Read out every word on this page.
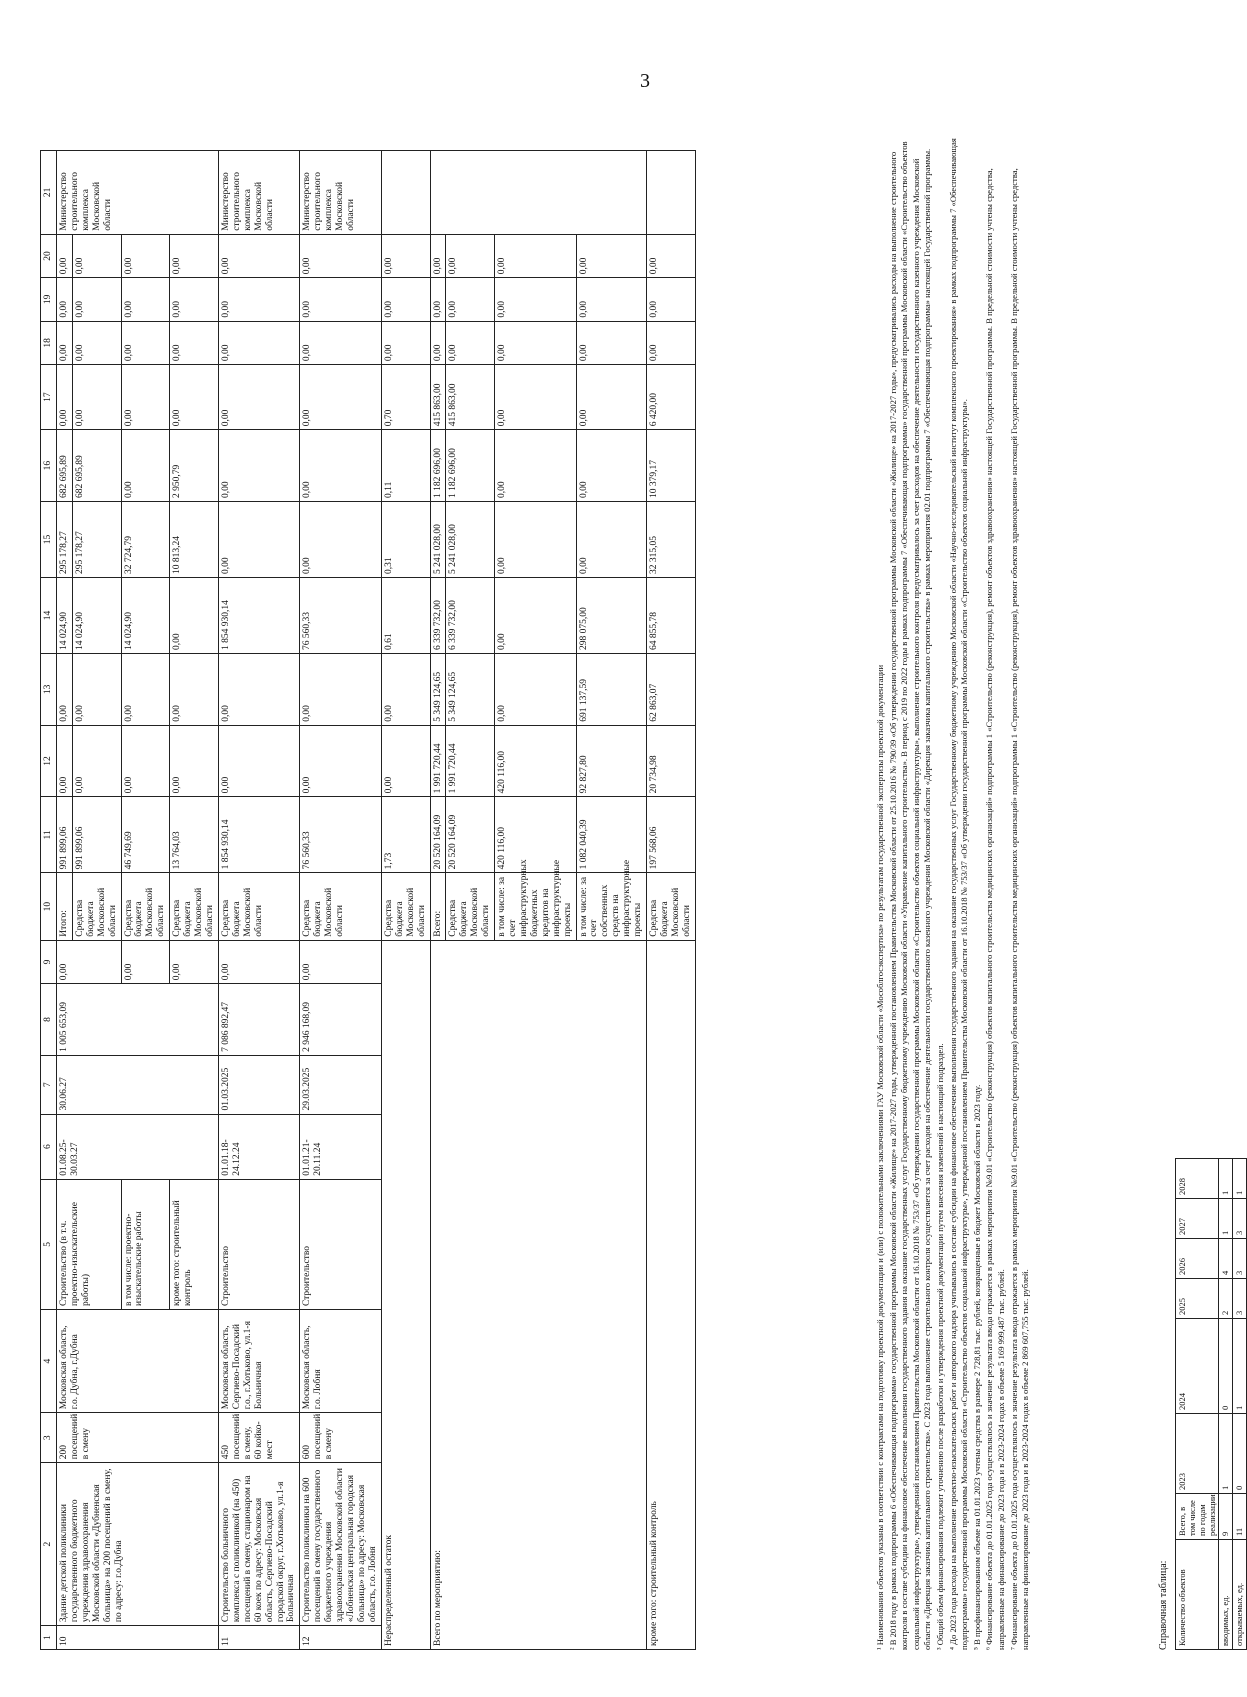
3
1	2	3	4	5	6	7	8	9	10	11	12	13	14	15	16	17	18	19	20	21
10	Здание детской поликлиники государственного бюджетного учреждения здравоохранения Московской области «Дубненская больница» на 200 посещений в смену, по адресу: г.о.Дубна	200 посещений в смену	Московская область, г.о. Дубна, г.Дубна	Строительство (в т.ч. проектно-изыскательские работы)	01.08.25-30.03.27	30.06.27	1 005 653,09	0,00	Итого:	991 899,06	0,00	0,00	14 024,90	295 178,27	682 695,89	0,00	0,00	0,00	0,00	Министерство строительного комплекса Московской области
									Средства бюджета Московской области	991 899,06	0,00	0,00	14 024,90	295 178,27	682 695,89	0,00	0,00	0,00	0,00	
				в том числе: проектно-изыскательские работы				0,00	Средства бюджета Московской области	46 749,69	0,00	0,00	14 024,90	32 724,79	0,00	0,00	0,00	0,00	0,00	
				кроме того: строительный контроль				0,00	Средства бюджета Московской области	13 764,03	0,00	0,00	0,00	10 813,24	2 950,79	0,00	0,00	0,00	0,00	
11	Строительство больничного комплекса с поликлиникой (на 450) посещений в смену, стационаром на 60 коек по адресу: Московская область, Сергиево-Посадский городской округ, г.Хотьково, ул.1-я Больничная	450 посещений в смену, 60 койко-мест	Московская область, Сергиево-Посадский г.о., г.Хотьково, ул.1-я Больничная	Строительство	01.01.18-24.12.24	01.03.2025	7 086 892,47	0,00	Средства бюджета Московской области	1 854 930,14	0,00	0,00	1 854 930,14	0,00	0,00	0,00	0,00	0,00	0,00	Министерство строительного комплекса Московской области
12	Строительство поликлиники на 600 посещений в смену государственного бюджетного учреждения здравоохранения Московской области «Лобненская центральная городская больница» по адресу: Московская область, г.о. Лобня	600 посещений в смену	Московская область, г.о. Лобня	Строительство	01.01.21-20.11.24	29.03.2025	2 946 168,09	0,00	Средства бюджета Московской области	76 560,33	0,00	0,00	76 560,33	0,00	0,00	0,00	0,00	0,00	0,00	Министерство строительного комплекса Московской области
Нераспределенный остаток									Средства бюджета Московской области	1,73	0,00	0,00	0,61	0,31	0,11	0,70	0,00	0,00	0,00	
Всего по мероприятию:									Всего:	20 520 164,09	1 991 720,44	5 349 124,65	6 339 732,00	5 241 028,00	1 182 696,00	415 863,00	0,00	0,00	0,00	
									Средства бюджета Московской области	20 520 164,09	1 991 720,44	5 349 124,65	6 339 732,00	5 241 028,00	1 182 696,00	415 863,00	0,00	0,00	0,00	
									в том числе: за счет инфраструктурных бюджетных кредитов на инфраструктурные проекты	420 116,00	420 116,00	0,00	0,00	0,00	0,00	0,00	0,00	0,00	0,00	
									в том числе: за счет собственных средств на инфраструктурные проекты	1 082 040,39	92 827,80	691 137,59	298 075,00	0,00	0,00	0,00	0,00	0,00	0,00	
кроме того: строительный контроль									Средства бюджета Московской области	197 568,06	20 734,98	62 863,07	64 855,78	32 315,05	10 379,17	6 420,00	0,00	0,00	0,00	

¹ Наименования объектов указаны в соответствии с контрактами на подготовку проектной документации и (или) с положительными заключениями ГАУ Московской области «Мособлгосэкспертиза» по результатам государственной экспертизы проектной документации ² В 2018 году в рамках подпрограммы 6 «Обеспечивающая подпрограмма» государственной программы Московской области «Жилище» на 2017-2027 годы, утвержденной постановлением Правительства Московской области от 25.10.2016 № 790/39 «Об утверждении государственной программы Московской области «Жилище» на 2017-2027 годы», предусматривались расходы на выполнение строительного контроля в составе субсидии на финансовое обеспечение выполнения государственного задания на оказание государственных услуг Государственному бюджетному учреждению Московской области «Управление капитального строительства». В период с 2019 по 2022 годы в рамках подпрограммы 7 «Обеспечивающая подпрограмма» государственной программы Московской области «Строительство объектов социальной инфраструктуры», утвержденной постановлением Правительства Московской области от 16.10.2018 № 753/37 «Об утверждении государственной программы Московской области «Строительство объектов социальной инфраструктуры», выполнение строительного контроля предусматривалось за счет расходов на обеспечение деятельности государственного казенного учреждения Московской области «Дирекция заказчика капитального строительства». С 2023 года выполнение строительного контроля осуществляется за счет расходов на обеспечение деятельности государственного казенного учреждения Московской области «Дирекция заказчика капитального строительства» в рамках мероприятия 02.01 подпрограммы 7 «Обеспечивающая подпрограмма» настоящей Государственной программы. ³ Общий объем финансирования подлежит уточнению после разработки и утверждения проектной документации путем внесения изменений в настоящий подраздел. ⁴ До 2023 года расходы на выполнение проектно-изыскательских работ и авторского надзора учитывались в составе субсидии на финансовое обеспечение выполнения государственного задания на оказание государственных услуг Государственному бюджетному учреждению Московской области «Научно-исследовательский институт комплексного проектирования» в рамках подпрограммы 7 «Обеспечивающая подпрограмма» государственной программы Московской области «Строительство объектов социальной инфраструктуры», утвержденной постановлением Правительства Московской области от 16.10.2018 № 753/37 «Об утверждении государственной программы Московской области «Строительство объектов социальной инфраструктуры». ⁵ В профинансированном объеме на 01.01.2023 учтены средства в размере 2 728,81 тыс. рублей, возвращенные в бюджет Московской области в 2023 году. ⁶ Финансирование объекта до 01.01.2025 года осуществлялось и значение результата ввода отражается в рамках мероприятия №9.01 «Строительство (реконструкция) объектов капитального строительства медицинских организаций» подпрограммы 1 «Строительство (реконструкция), ремонт объектов здравоохранения» настоящей Государственной программы. В предельной стоимости учтены средства, направленные на финансирование до 2023 года и в 2023-2024 годах в объеме 5 169 999,487 тыс. рублей. ⁷ Финансирование объекта до 01.01.2025 года осуществлялось и значение результата ввода отражается в рамках мероприятия №9.01 «Строительство (реконструкция) объектов капитального строительства медицинских организаций» подпрограммы 1 «Строительство (реконструкция), ремонт объектов здравоохранения» настоящей Государственной программы. В предельной стоимости учтены средства, направленные на финансирование до 2023 года и в 2023-2024 годах в объеме 2 869 607,755 тыс. рублей.	Справочная таблица: Количество объектов	Всего, в том числе по годам реализации	2023	2024	2025	2026	2027	2028
вводимых, ед.	9	1	0	2	4	1	1
открываемых, ед.	11	0	1	3	3	3	1
